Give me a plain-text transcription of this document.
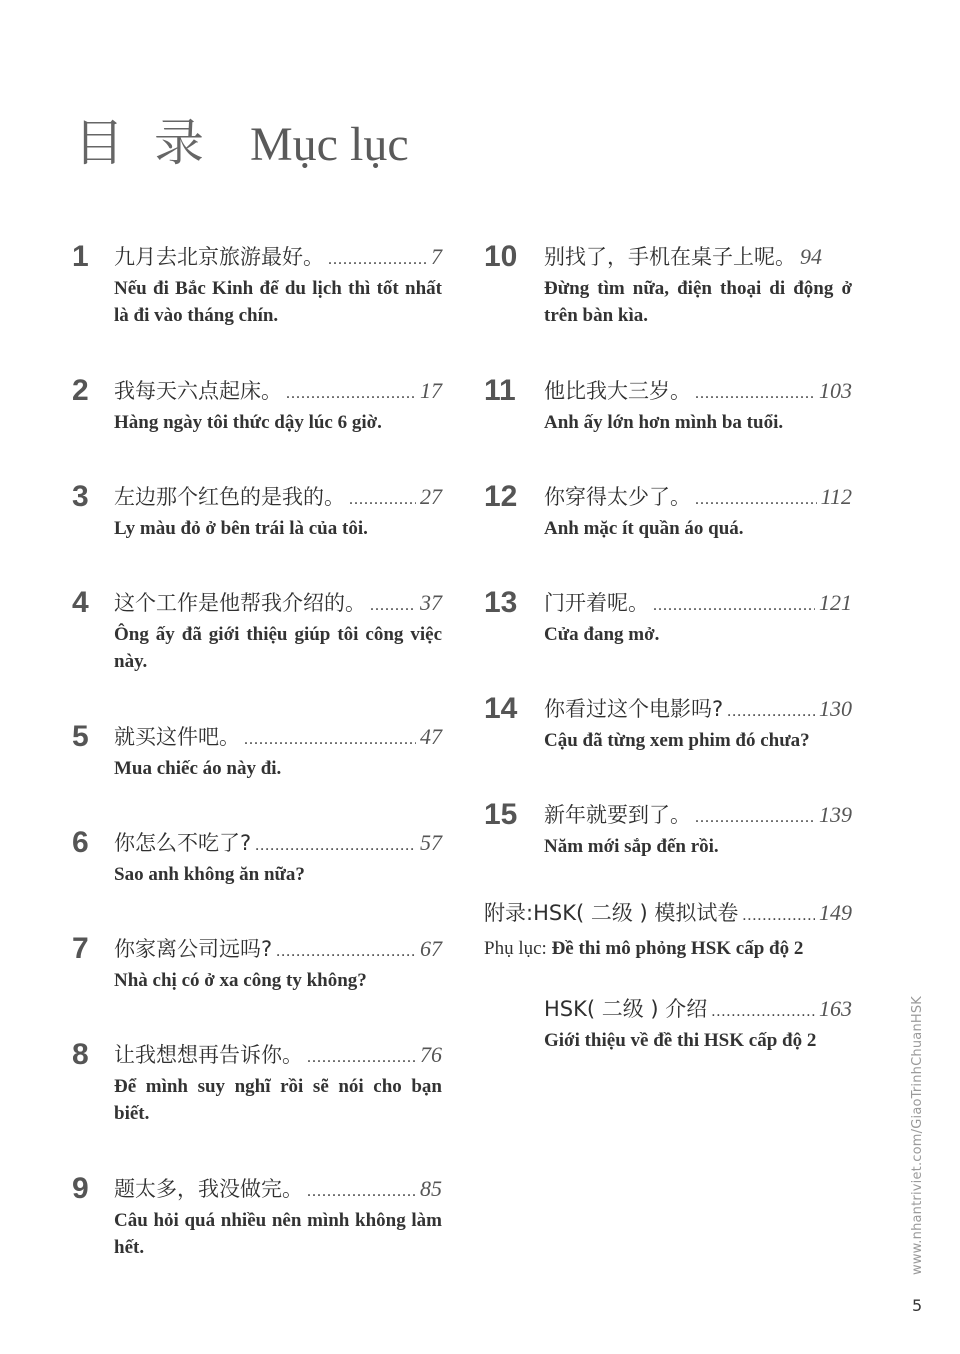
目录 Mục lục
1 九月去北京旅游最好。 .....	7
Nếu đi Bắc Kinh để du lịch thì tốt nhất là đi vào tháng chín.
2 我每天六点起床。 .....	17
Hàng ngày tôi thức dậy lúc 6 giờ.
3 左边那个红色的是我的。 .....	27
Ly màu đỏ ở bên trái là của tôi.
4 这个工作是他帮我介绍的。 ..... 37
Ông ấy đã giới thiệu giúp tôi công việc này.
5 就买这件吧。 .....	47
Mua chiếc áo này đi.
6 你怎么不吃了? .....	57
Sao anh không ăn nữa?
7 你家离公司远吗? .....	67
Nhà chị có ở xa công ty không?
8 让我想想再告诉你。 .....	76
Để mình suy nghĩ rồi sẽ nói cho bạn biết.
9 题太多，我没做完。 .....	85
Câu hỏi quá nhiều nên mình không làm hết.
10 别找了，手机在桌子上呢。 94
Đừng tìm nữa, điện thoại di động ở trên bàn kìa.
11 他比我大三岁。 .....	103
Anh ấy lớn hơn mình ba tuổi.
12 你穿得太少了。 .....	112
Anh mặc ít quần áo quá.
13 门开着呢。 .....	121
Cửa đang mở.
14 你看过这个电影吗? .....	130
Cậu đã từng xem phim đó chưa?
15 新年就要到了。 .....	139
Năm mới sắp đến rồi.
附录:HSK( 二级 ) 模拟试卷 .....	149
Phụ lục: Đề thi mô phỏng HSK cấp độ 2
HSK( 二级 ) 介绍 .....	163
Giới thiệu về đề thi HSK cấp độ 2	www.nhantriviet.com/GiaoTrinhChuanHSK
5
